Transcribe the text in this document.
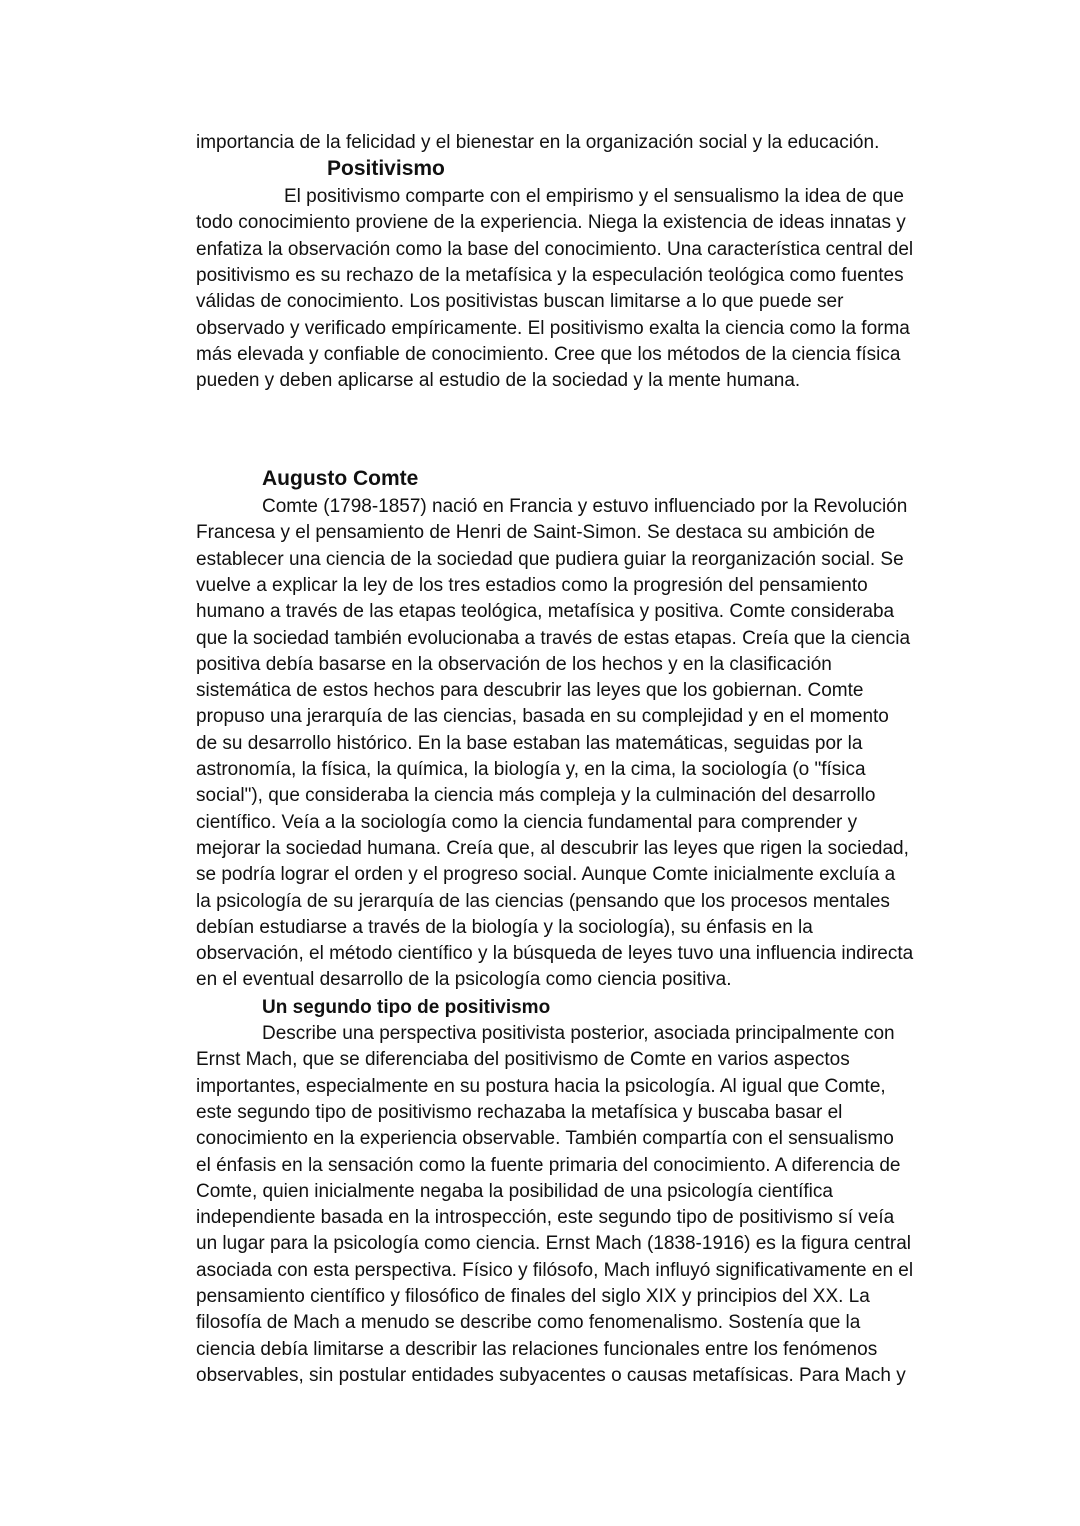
importancia de la felicidad y el bienestar en la organización social y la educación.
Positivismo
El positivismo comparte con el empirismo y el sensualismo la idea de que
todo conocimiento proviene de la experiencia. Niega la existencia de ideas innatas y
enfatiza la observación como la base del conocimiento. Una característica central del
positivismo es su rechazo de la metafísica y la especulación teológica como fuentes
válidas de conocimiento. Los positivistas buscan limitarse a lo que puede ser
observado y verificado empíricamente. El positivismo exalta la ciencia como la forma
más elevada y confiable de conocimiento. Cree que los métodos de la ciencia física
pueden y deben aplicarse al estudio de la sociedad y la mente humana.
Augusto Comte
Comte (1798-1857) nació en Francia y estuvo influenciado por la Revolución
Francesa y el pensamiento de Henri de Saint-Simon. Se destaca su ambición de
establecer una ciencia de la sociedad que pudiera guiar la reorganización social. Se
vuelve a explicar la ley de los tres estadios como la progresión del pensamiento
humano a través de las etapas teológica, metafísica y positiva. Comte consideraba
que la sociedad también evolucionaba a través de estas etapas. Creía que la ciencia
positiva debía basarse en la observación de los hechos y en la clasificación
sistemática de estos hechos para descubrir las leyes que los gobiernan. Comte
propuso una jerarquía de las ciencias, basada en su complejidad y en el momento
de su desarrollo histórico. En la base estaban las matemáticas, seguidas por la
astronomía, la física, la química, la biología y, en la cima, la sociología (o "física
social"), que consideraba la ciencia más compleja y la culminación del desarrollo
científico. Veía a la sociología como la ciencia fundamental para comprender y
mejorar la sociedad humana. Creía que, al descubrir las leyes que rigen la sociedad,
se podría lograr el orden y el progreso social. Aunque Comte inicialmente excluía a
la psicología de su jerarquía de las ciencias (pensando que los procesos mentales
debían estudiarse a través de la biología y la sociología), su énfasis en la
observación, el método científico y la búsqueda de leyes tuvo una influencia indirecta
en el eventual desarrollo de la psicología como ciencia positiva.
Un segundo tipo de positivismo
Describe una perspectiva positivista posterior, asociada principalmente con
Ernst Mach, que se diferenciaba del positivismo de Comte en varios aspectos
importantes, especialmente en su postura hacia la psicología. Al igual que Comte,
este segundo tipo de positivismo rechazaba la metafísica y buscaba basar el
conocimiento en la experiencia observable. También compartía con el sensualismo
el énfasis en la sensación como la fuente primaria del conocimiento. A diferencia de
Comte, quien inicialmente negaba la posibilidad de una psicología científica
independiente basada en la introspección, este segundo tipo de positivismo sí veía
un lugar para la psicología como ciencia. Ernst Mach (1838-1916) es la figura central
asociada con esta perspectiva. Físico y filósofo, Mach influyó significativamente en el
pensamiento científico y filosófico de finales del siglo XIX y principios del XX. La
filosofía de Mach a menudo se describe como fenomenalismo. Sostenía que la
ciencia debía limitarse a describir las relaciones funcionales entre los fenómenos
observables, sin postular entidades subyacentes o causas metafísicas. Para Mach y
